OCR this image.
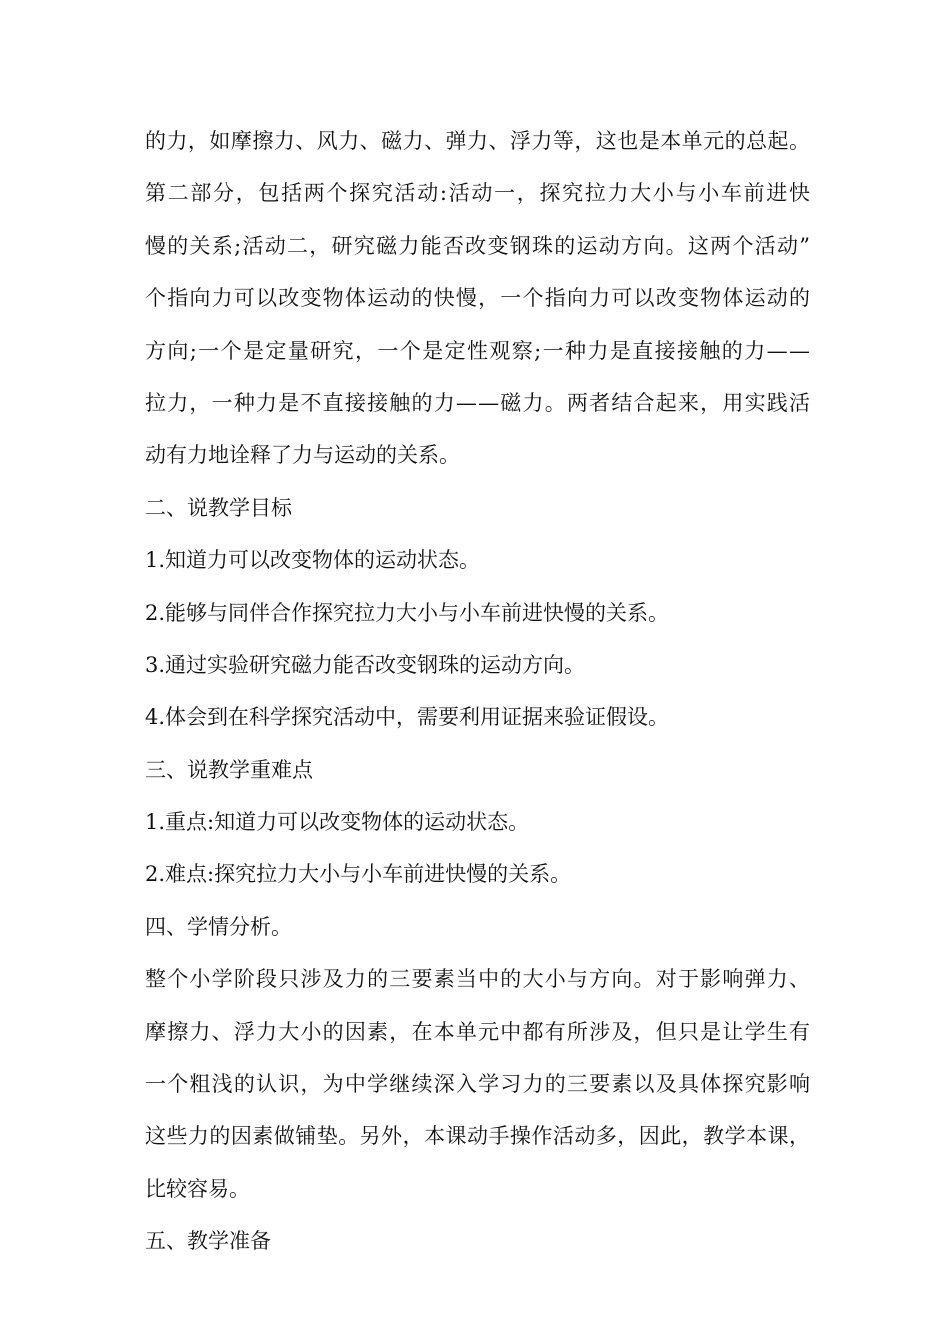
的力，如摩擦力、风力、磁力、弹力、浮力等，这也是本单元的总起。
第二部分，包括两个探究活动:活动一，探究拉力大小与小车前进快
慢的关系;活动二，研究磁力能否改变钢珠的运动方向。这两个活动”
个指向力可以改变物体运动的快慢，一个指向力可以改变物体运动的
方向;一个是定量研究，一个是定性观察;一种力是直接接触的力——
拉力，一种力是不直接接触的力——磁力。两者结合起来，用实践活
动有力地诠释了力与运动的关系。
二、说教学目标
1.知道力可以改变物体的运动状态。
2.能够与同伴合作探究拉力大小与小车前进快慢的关系。
3.通过实验研究磁力能否改变钢珠的运动方向。
4.体会到在科学探究活动中，需要利用证据来验证假设。
三、说教学重难点
1.重点:知道力可以改变物体的运动状态。
2.难点:探究拉力大小与小车前进快慢的关系。
四、学情分析。
整个小学阶段只涉及力的三要素当中的大小与方向。对于影响弹力、
摩擦力、浮力大小的因素，在本单元中都有所涉及，但只是让学生有
一个粗浅的认识，为中学继续深入学习力的三要素以及具体探究影响
这些力的因素做铺垫。另外，本课动手操作活动多，因此，教学本课，
比较容易。
五、教学准备
